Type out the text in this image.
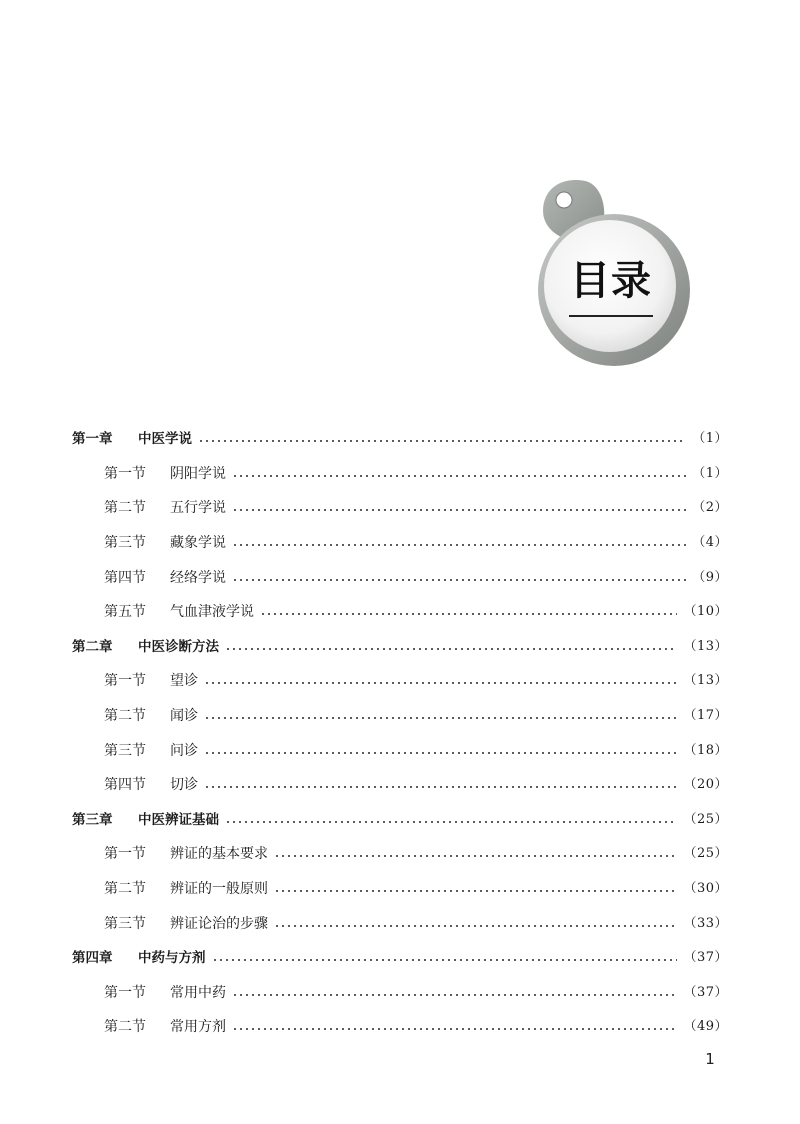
目录
第一章	中医学说	（1）
第一节	阴阳学说	（1）
第二节	五行学说	（2）
第三节	藏象学说	（4）
第四节	经络学说	（9）
第五节	气血津液学说	（10）
第二章	中医诊断方法	（13）
第一节	望诊	（13）
第二节	闻诊	（17）
第三节	问诊	（18）
第四节	切诊	（20）
第三章	中医辨证基础	（25）
第一节	辨证的基本要求	（25）
第二节	辨证的一般原则	（30）
第三节	辨证论治的步骤	（33）
第四章	中药与方剂	（37）
第一节	常用中药	（37）
第二节	常用方剂	（49）
1
